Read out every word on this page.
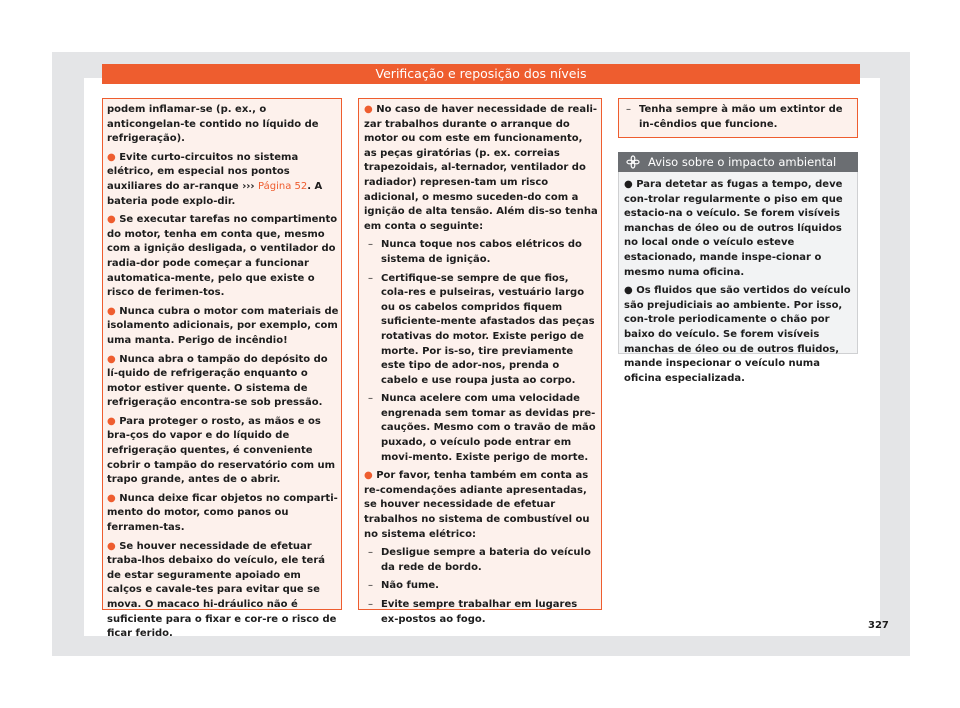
Verificação e reposição dos níveis

podem inflamar-se (p. ex., o anticongelan-te contido no líquido de refrigeração).

● Evite curto-circuitos no sistema elétrico, em especial nos pontos auxiliares do ar-ranque ››› Página 52. A bateria pode explo-dir.

● Se executar tarefas no compartimento do motor, tenha em conta que, mesmo com a ignição desligada, o ventilador do radia-dor pode começar a funcionar automatica-mente, pelo que existe o risco de ferimen-tos.

● Nunca cubra o motor com materiais de isolamento adicionais, por exemplo, com uma manta. Perigo de incêndio!

● Nunca abra o tampão do depósito do lí-quido de refrigeração enquanto o motor estiver quente. O sistema de refrigeração encontra-se sob pressão.

● Para proteger o rosto, as mãos e os bra-ços do vapor e do líquido de refrigeração quentes, é conveniente cobrir o tampão do reservatório com um trapo grande, antes de o abrir.

● Nunca deixe ficar objetos no comparti-mento do motor, como panos ou ferramen-tas.

● Se houver necessidade de efetuar traba-lhos debaixo do veículo, ele terá de estar seguramente apoiado em calços e cavale-tes para evitar que se mova. O macaco hi-dráulico não é suficiente para o fixar e cor-re o risco de ficar ferido.

● No caso de haver necessidade de reali-zar trabalhos durante o arranque do motor ou com este em funcionamento, as peças giratórias (p. ex. correias trapezoidais, al-ternador, ventilador do radiador) represen-tam um risco adicional, o mesmo suceden-do com a ignição de alta tensão. Além dis-so tenha em conta o seguinte:

– Nunca toque nos cabos elétricos do sistema de ignição.
– Certifique-se sempre de que fios, cola-res e pulseiras, vestuário largo ou os cabelos compridos fiquem suficiente-mente afastados das peças rotativas do motor. Existe perigo de morte. Por is-so, tire previamente este tipo de ador-nos, prenda o cabelo e use roupa justa ao corpo.
– Nunca acelere com uma velocidade engrenada sem tomar as devidas pre-cauções. Mesmo com o travão de mão puxado, o veículo pode entrar em movi-mento. Existe perigo de morte.

● Por favor, tenha também em conta as re-comendações adiante apresentadas, se houver necessidade de efetuar trabalhos no sistema de combustível ou no sistema elétrico:

– Desligue sempre a bateria do veículo da rede de bordo.
– Não fume.
– Evite sempre trabalhar em lugares ex-postos ao fogo.
– Tenha sempre à mão um extintor de in-cêndios que funcione.
Aviso sobre o impacto ambiental

● Para detetar as fugas a tempo, deve con-trolar regularmente o piso em que estacio-na o veículo. Se forem visíveis manchas de óleo ou de outros líquidos no local onde o veículo esteve estacionado, mande inspe-cionar o mesmo numa oficina.

● Os fluidos que são vertidos do veículo são prejudiciais ao ambiente. Por isso, con-trole periodicamente o chão por baixo do veículo. Se forem visíveis manchas de óleo ou de outros fluidos, mande inspecionar o veículo numa oficina especializada.

327
